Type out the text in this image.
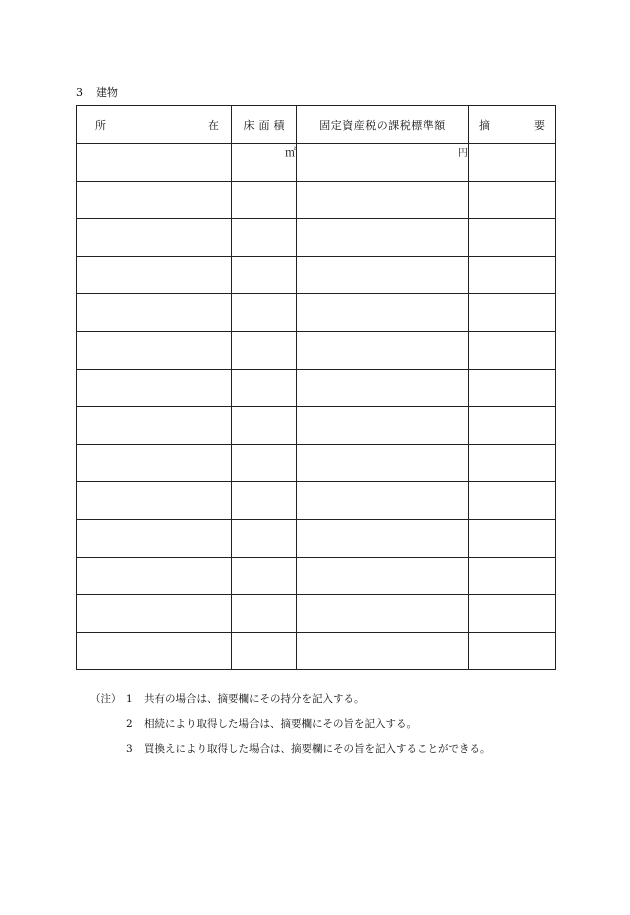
3 建物
所 在	床面積	固定資産税の課税標準額	摘 要

	㎡	円	

（注） 1 共有の場合は、摘要欄にその持分を記入する。
2 相続により取得した場合は、摘要欄にその旨を記入する。
3 買換えにより取得した場合は、摘要欄にその旨を記入することができる。
